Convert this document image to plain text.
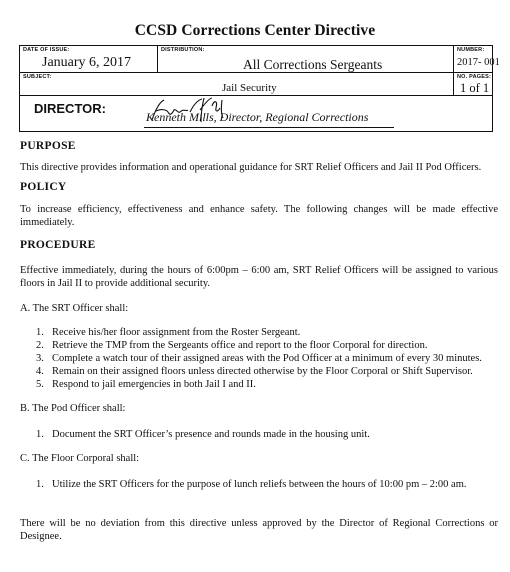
CCSD Corrections Center Directive
DATE OF ISSUE:
January 6, 2017
DISTRIBUTION:
All Corrections Sergeants
NUMBER:
2017- 001
SUBJECT:
Jail Security
NO. PAGES:
1 of 1
DIRECTOR:
Kenneth Mills, Director, Regional Corrections
PURPOSE
This directive provides information and operational guidance for SRT Relief Officers and Jail II Pod Officers.
POLICY
To increase efficiency, effectiveness and enhance safety. The following changes will be made effective immediately.
PROCEDURE
Effective immediately, during the hours of 6:00pm – 6:00 am, SRT Relief Officers will be assigned to various floors in Jail II to provide additional security.
A. The SRT Officer shall:
1. Receive his/her floor assignment from the Roster Sergeant.
2. Retrieve the TMP from the Sergeants office and report to the floor Corporal for direction.
3. Complete a watch tour of their assigned areas with the Pod Officer at a minimum of every 30 minutes.
4. Remain on their assigned floors unless directed otherwise by the Floor Corporal or Shift Supervisor.
5. Respond to jail emergencies in both Jail I and II.
B. The Pod Officer shall:
1. Document the SRT Officer’s presence and rounds made in the housing unit.
C. The Floor Corporal shall:
1. Utilize the SRT Officers for the purpose of lunch reliefs between the hours of 10:00 pm – 2:00 am.
There will be no deviation from this directive unless approved by the Director of Regional Corrections or Designee.
